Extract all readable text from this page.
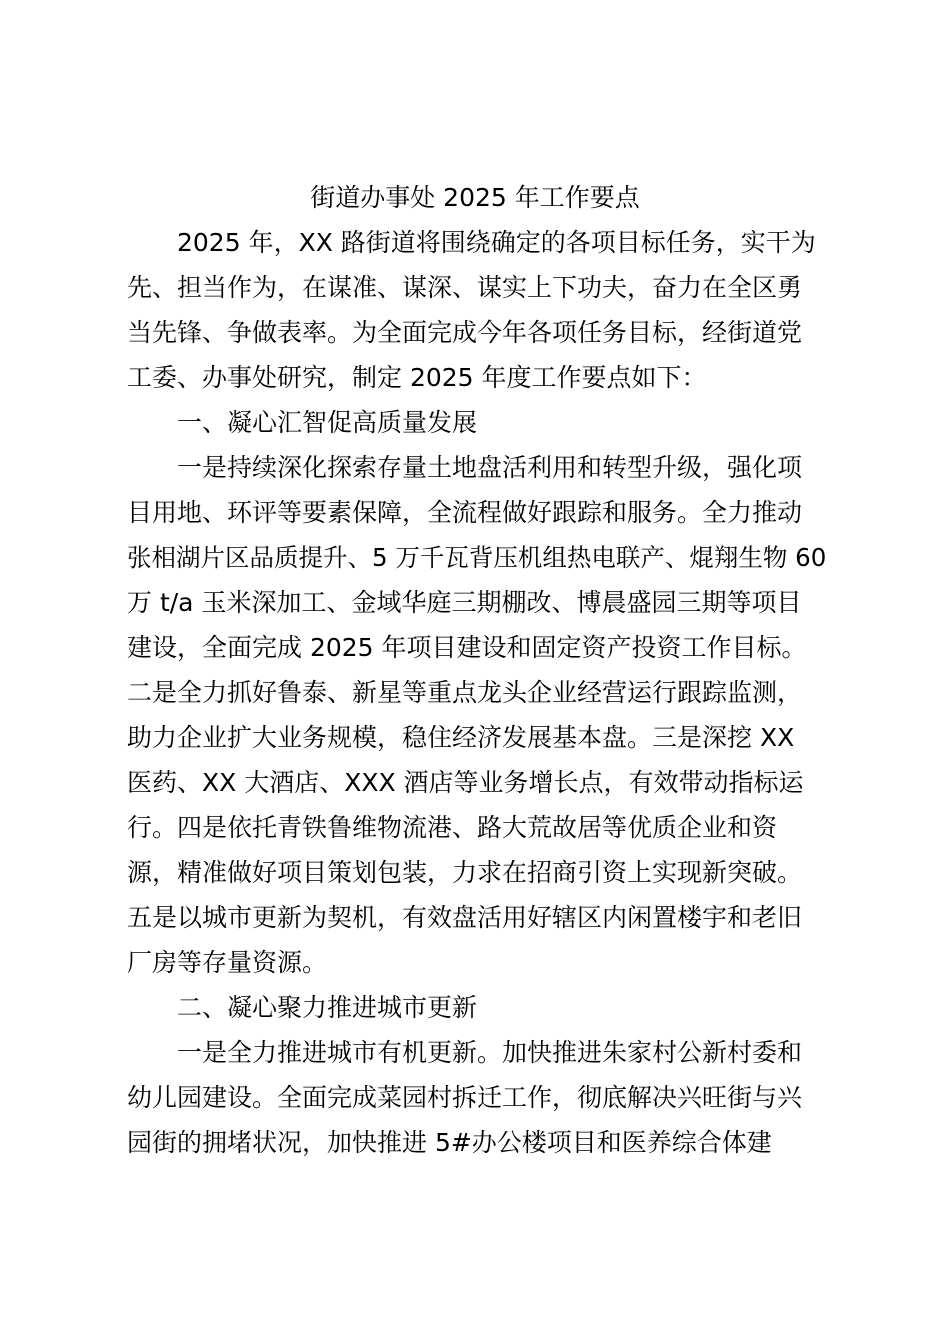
街道办事处 2025 年工作要点
2025 年，XX 路街道将围绕确定的各项目标任务，实干为
先、担当作为，在谋准、谋深、谋实上下功夫，奋力在全区勇
当先锋、争做表率。为全面完成今年各项任务目标，经街道党
工委、办事处研究，制定 2025 年度工作要点如下：
一、凝心汇智促高质量发展
一是持续深化探索存量土地盘活利用和转型升级，强化项
目用地、环评等要素保障，全流程做好跟踪和服务。全力推动
张相湖片区品质提升、5 万千瓦背压机组热电联产、焜翔生物 60
万 t/a 玉米深加工、金域华庭三期棚改、博晨盛园三期等项目
建设，全面完成 2025 年项目建设和固定资产投资工作目标。
二是全力抓好鲁泰、新星等重点龙头企业经营运行跟踪监测，
助力企业扩大业务规模，稳住经济发展基本盘。三是深挖 XX
医药、XX 大酒店、XXX 酒店等业务增长点，有效带动指标运
行。四是依托青铁鲁维物流港、路大荒故居等优质企业和资
源，精准做好项目策划包装，力求在招商引资上实现新突破。
五是以城市更新为契机，有效盘活用好辖区内闲置楼宇和老旧
厂房等存量资源。
二、凝心聚力推进城市更新
一是全力推进城市有机更新。加快推进朱家村公新村委和
幼儿园建设。全面完成菜园村拆迁工作，彻底解决兴旺街与兴
园街的拥堵状况，加快推进 5#办公楼项目和医养综合体建
